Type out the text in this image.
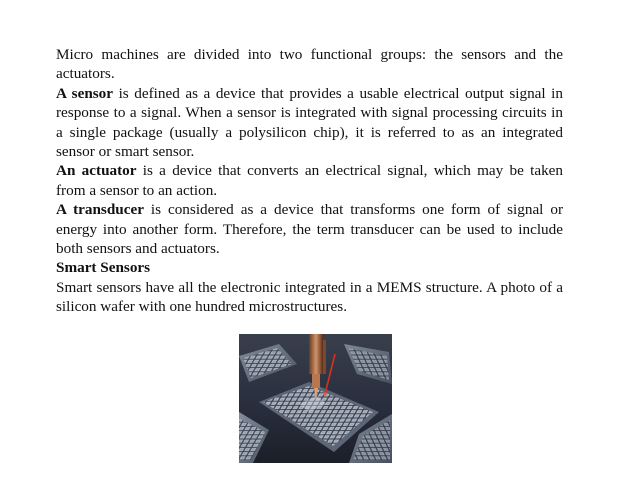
Micro machines are divided into two functional groups: the sensors and the actuators.

A sensor is defined as a device that provides a usable electrical output signal in response to a signal. When a sensor is integrated with signal processing circuits in a single package (usually a polysilicon chip), it is referred to as an integrated sensor or smart sensor.

An actuator is a device that converts an electrical signal, which may be taken from a sensor to an action.

A transducer is considered as a device that transforms one form of signal or energy into another form. Therefore, the term transducer can be used to include both sensors and actuators.

Smart Sensors

Smart sensors have all the electronic integrated in a MEMS structure. A photo of a silicon wafer with one hundred microstructures.
